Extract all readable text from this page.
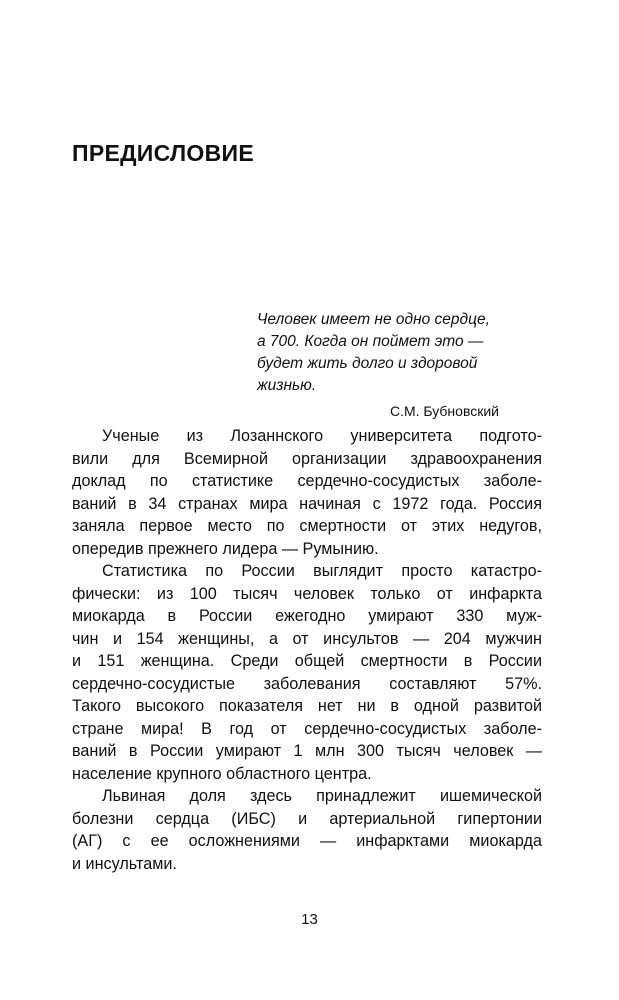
ПРЕДИСЛОВИЕ

Человек имеет не одно сердце,
а 700. Когда он поймет это —
будет жить долго и здоровой
жизнью.

С.М. Бубновский

Ученые из Лозаннского университета подгото-
вили для Всемирной организации здравоохранения
доклад по статистике сердечно-сосудистых заболе-
ваний в 34 странах мира начиная с 1972 года. Россия
заняла первое место по смертности от этих недугов,
опередив прежнего лидера — Румынию.
Статистика по России выглядит просто катастро-
фически: из 100 тысяч человек только от инфаркта
миокарда в России ежегодно умирают 330 муж-
чин и 154 женщины, а от инсультов — 204 мужчин
и 151 женщина. Среди общей смертности в России
сердечно-сосудистые заболевания составляют 57%.
Такого высокого показателя нет ни в одной развитой
стране мира! В год от сердечно-сосудистых заболе-
ваний в России умирают 1 млн 300 тысяч человек —
население крупного областного центра.
Львиная доля здесь принадлежит ишемической
болезни сердца (ИБС) и артериальной гипертонии
(АГ) с ее осложнениями — инфарктами миокарда
и инсультами.
13
